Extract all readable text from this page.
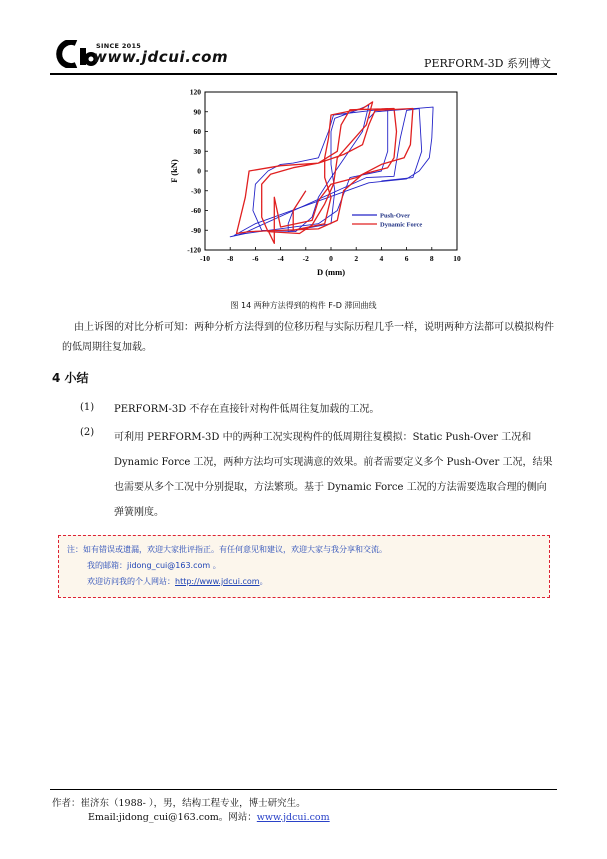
SINCE 2015
www.jdcui.com	PERFORM-3D 系列博文
-10 -8	-6	-4	-2	0	2	4	6	8	10
120
90
60
30
0
-30
-60
-90
-120
D (mm)
F (kN)
Push-Over
Dynamic Force
图 14 两种方法得到的构件 F-D 滞回曲线
由上诉图的对比分析可知：两种分析方法得到的位移历程与实际历程几乎一样，说明两种方法都可以模拟构件的低周期往复加载。
4 小结
(1) PERFORM-3D 不存在直接针对构件低周往复加载的工况。
(2) 可利用 PERFORM-3D 中的两种工况实现构件的低周期往复模拟：Static Push-Over 工况和 Dynamic Force 工况，两种方法均可实现满意的效果。前者需要定义多个 Push-Over 工况，结果也需要从多个工况中分别提取，方法繁琐。基于 Dynamic Force 工况的方法需要选取合理的侧向弹簧刚度。
注：如有错误或遗漏，欢迎大家批评指正。有任何意见和建议，欢迎大家与我分享和交流。
我的邮箱：jidong_cui@163.com 。
欢迎访问我的个人网站：http://www.jdcui.com。
作者：崔济东（1988- ），男，结构工程专业，博士研究生。
Email:jidong_cui@163.com。网站：www.jdcui.com
